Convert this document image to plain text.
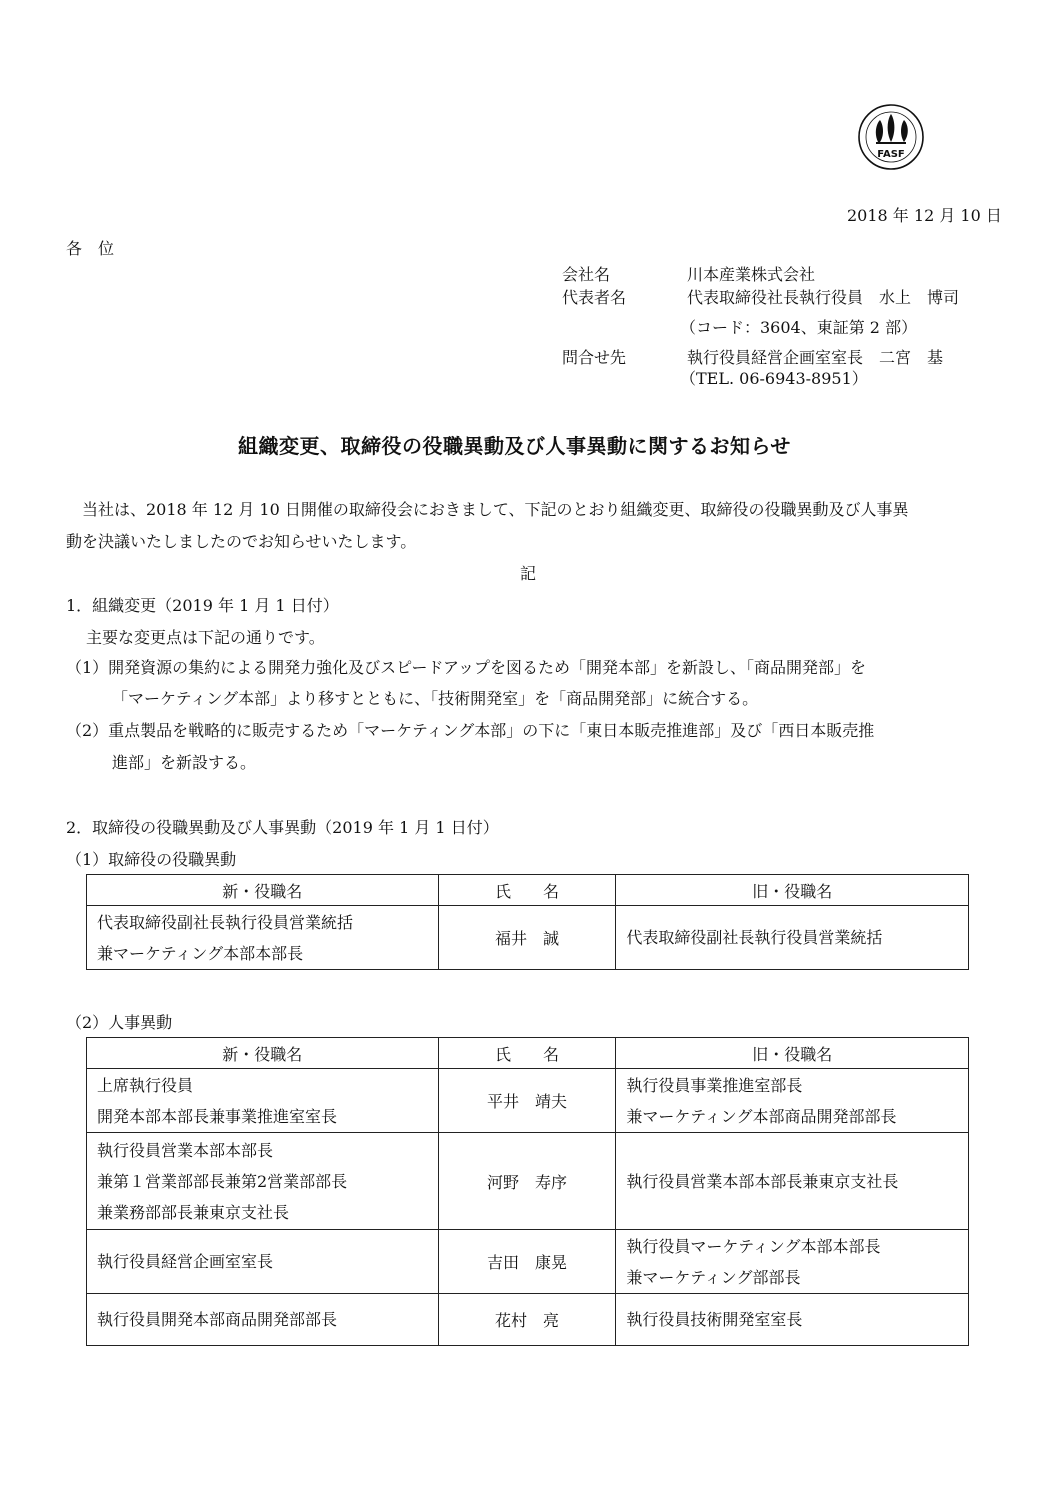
FASF
2018 年 12 月 10 日
各　位
会社名	川本産業株式会社
代表者名	代表取締役社長執行役員　水上　博司
（コード：3604、東証第 2 部）
問合せ先	執行役員経営企画室室長　二宮　基
（TEL. 06-6943-8951）
組織変更、取締役の役職異動及び人事異動に関するお知らせ
当社は、2018 年 12 月 10 日開催の取締役会におきまして、下記のとおり組織変更、取締役の役職異動及び人事異
動を決議いたしましたのでお知らせいたします。
記
1．組織変更（2019 年 1 月 1 日付）
主要な変更点は下記の通りです。
（1）開発資源の集約による開発力強化及びスピードアップを図るため「開発本部」を新設し、「商品開発部」を
「マーケティング本部」より移すとともに、「技術開発室」を「商品開発部」に統合する。
（2）重点製品を戦略的に販売するため「マーケティング本部」の下に「東日本販売推進部」及び「西日本販売推
進部」を新設する。
2．取締役の役職異動及び人事異動（2019 年 1 月 1 日付）
（1）取締役の役職異動
新・役職名	氏　　名	旧・役職名

代表取締役副社長執行役員営業統括
兼マーケティング本部本部長	福井　誠	代表取締役副社長執行役員営業統括
（2）人事異動
新・役職名	氏　　名	旧・役職名

上席執行役員
開発本部本部長兼事業推進室室長	平井　靖夫	執行役員事業推進室部長
兼マーケティング本部商品開発部部長

執行役員営業本部本部長
兼第１営業部部長兼第2営業部部長
兼業務部部長兼東京支社長	河野　寿序	執行役員営業本部本部長兼東京支社長

執行役員経営企画室室長	吉田　康晃	執行役員マーケティング本部本部長
兼マーケティング部部長

執行役員開発本部商品開発部部長	花村　亮	執行役員技術開発室室長
